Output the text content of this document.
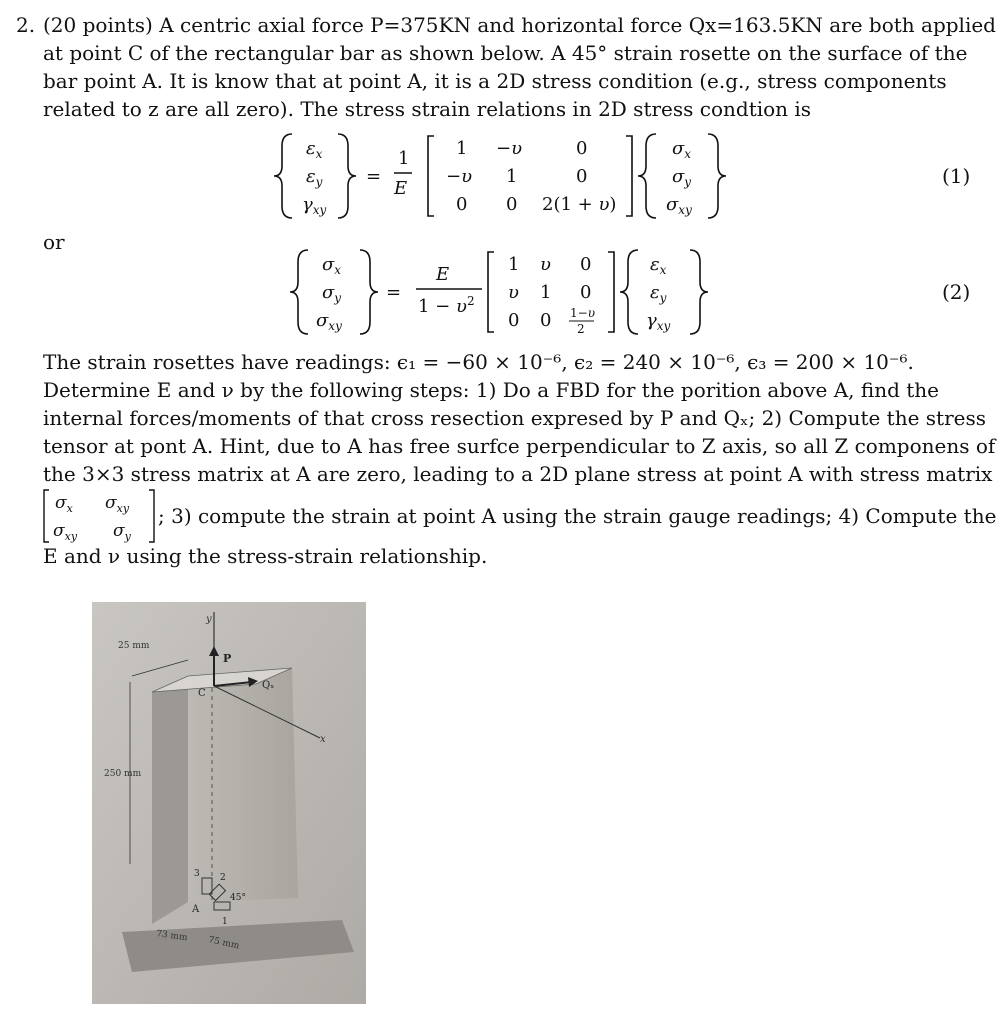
2. (20 points) A centric axial force P=375KN and horizontal force Qx=163.5KN are both applied
at point C of the rectangular bar as shown below. A 45° strain rosette on the surface of the
bar point A. It is know that at point A, it is a 2D stress condition (e.g., stress components
related to z are all zero). The stress strain relations in 2D stress condtion is
$\varepsilon_x$
$\varepsilon_y$
$\gamma_{xy}$
=
1
E
1 −υ	0
−υ 1	0
0 0 2(1 + υ)
$\sigma_x$
$\sigma_y$
$\sigma_{xy}$
(1)
or
$\sigma_x$
$\sigma_y$
$\sigma_{xy}$
=
E
$1 - \upsilon^2$
1 υ 0
υ 1 0
0 0 1−υ
2
$\varepsilon_x$
$\varepsilon_y$
$\gamma_{xy}$
(2)
The strain rosettes have readings: ϵ₁ = −60 × 10⁻⁶, ϵ₂ = 240 × 10⁻⁶, ϵ₃ = 200 × 10⁻⁶.
Determine E and ν by the following steps: 1) Do a FBD for the porition above A, find the
internal forces/moments of that cross resection expresed by P and Qₓ; 2) Compute the stress
tensor at pont A. Hint, due to A has free surfce perpendicular to Z axis, so all Z componens of
the 3×3 stress matrix at A are zero, leading to a 2D plane stress at point A with stress matrix
$\sigma_x$ $\sigma_{xy}$
$\sigma_{xy}$ $\sigma_y$
; 3) compute the strain at point A using the strain gauge readings; 4) Compute the
E and ν using the stress-strain relationship.
y
P
Qₓ
x
C
25 mm
250 mm
3 2
1
45°
A
73 mm 75 mm
